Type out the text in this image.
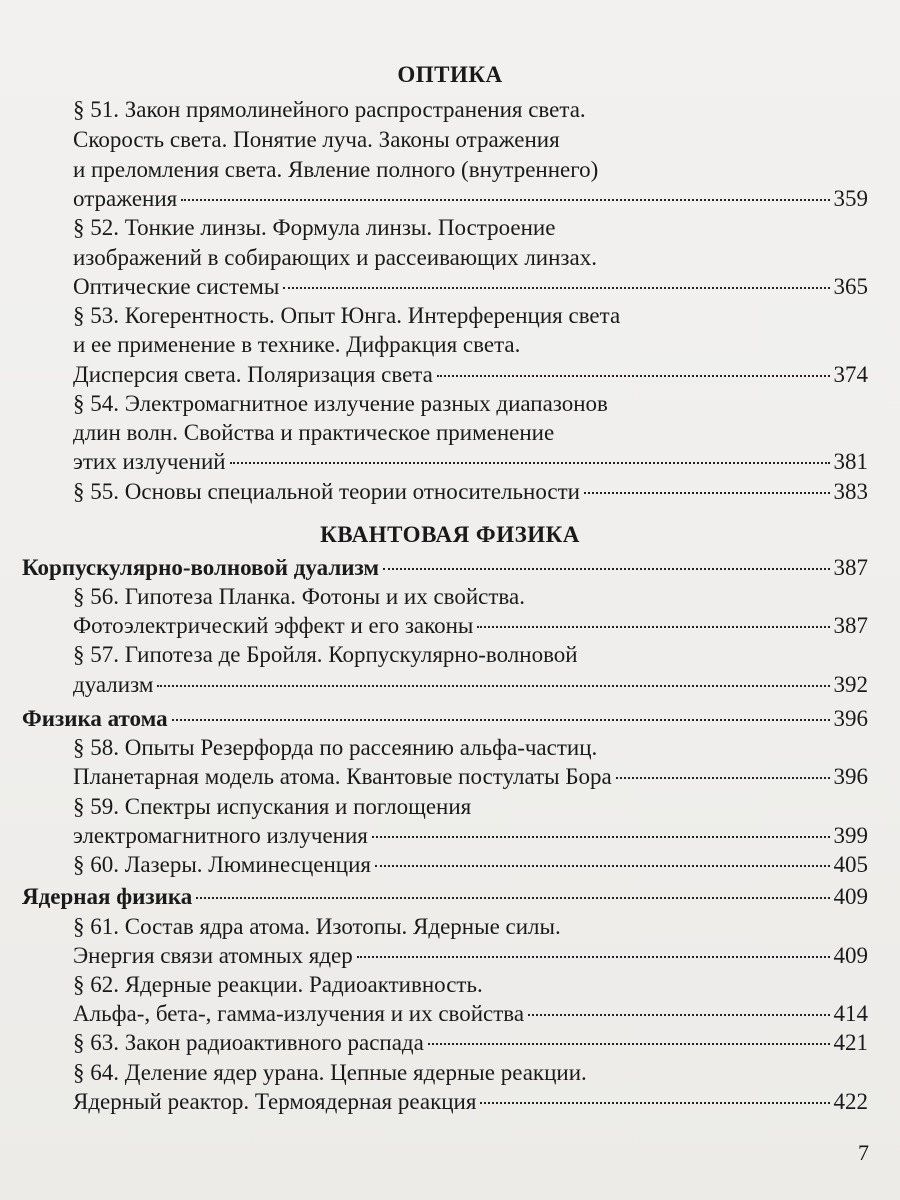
ОПТИКА
§ 51. Закон прямолинейного распространения света.
Скорость света. Понятие луча. Законы отражения
и преломления света. Явление полного (внутреннего)
отражения	359
§ 52. Тонкие линзы. Формула линзы. Построение
изображений в собирающих и рассеивающих линзах.
Оптические системы	365
§ 53. Когерентность. Опыт Юнга. Интерференция света
и ее применение в технике. Дифракция света.
Дисперсия света. Поляризация света	374
§ 54. Электромагнитное излучение разных диапазонов
длин волн. Свойства и практическое применение
этих излучений	381
§ 55. Основы специальной теории относительности	383
КВАНТОВАЯ ФИЗИКА
Корпускулярно-волновой дуализм	387
§ 56. Гипотеза Планка. Фотоны и их свойства.
Фотоэлектрический эффект и его законы	387
§ 57. Гипотеза де Бройля. Корпускулярно-волновой
дуализм	392
Физика атома	396
§ 58. Опыты Резерфорда по рассеянию альфа-частиц.
Планетарная модель атома. Квантовые постулаты Бора	396
§ 59. Спектры испускания и поглощения
электромагнитного излучения	399
§ 60. Лазеры. Люминесценция	405
Ядерная физика	409
§ 61. Состав ядра атома. Изотопы. Ядерные силы.
Энергия связи атомных ядер	409
§ 62. Ядерные реакции. Радиоактивность.
Альфа-, бета-, гамма-излучения и их свойства	414
§ 63. Закон радиоактивного распада	421
§ 64. Деление ядер урана. Цепные ядерные реакции.
Ядерный реактор. Термоядерная реакция	422
7
